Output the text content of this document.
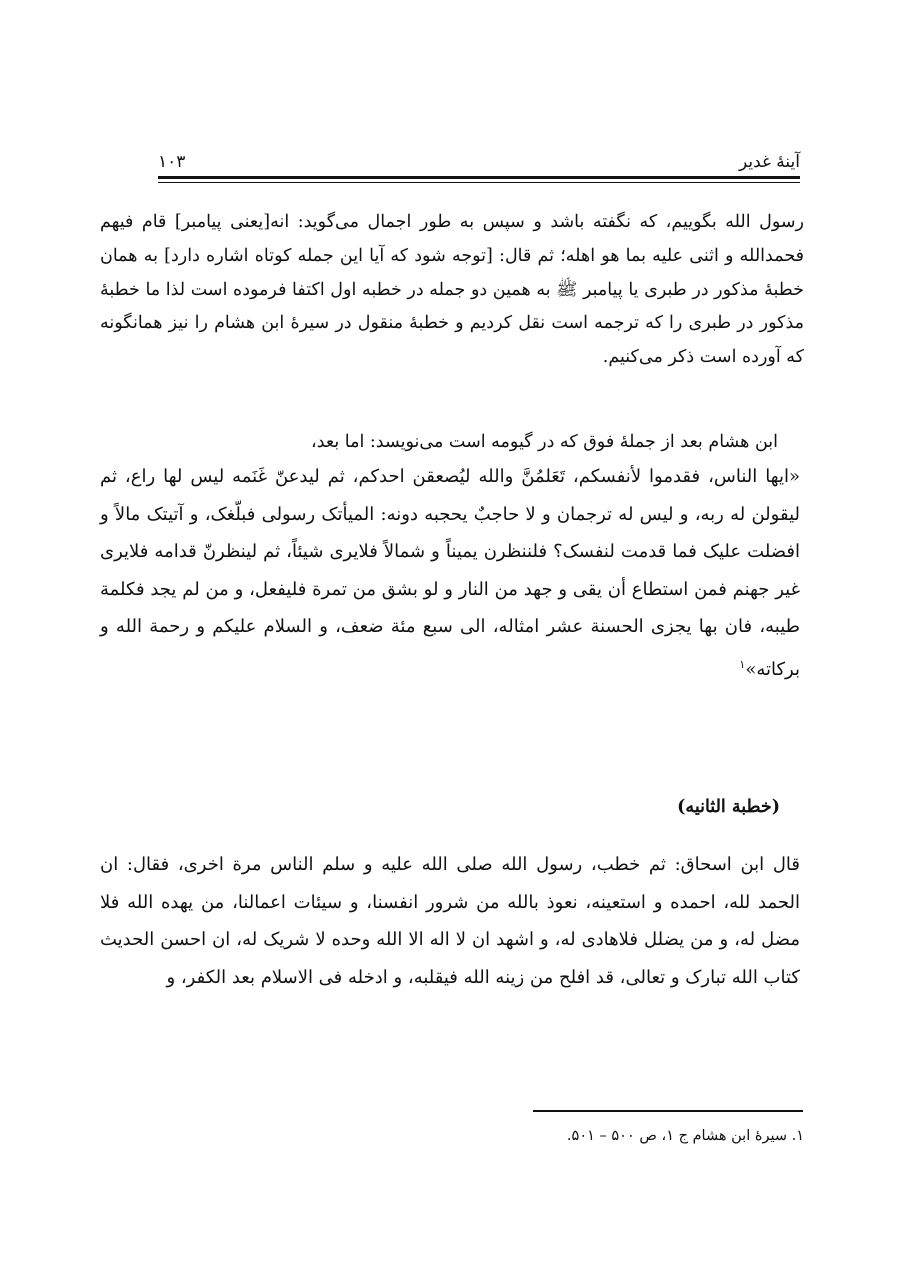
آینۀ غدیر
۱۰۳

رسول الله بگوییم، که نگفته باشد و سپس به طور اجمال می‌گوید: انه[یعنی پیامبر] قام فیهم فحمدالله و اثنی علیه بما هو اهله؛ ثم قال: [توجه شود که آیا این جمله کوتاه اشاره دارد] به همان خطبۀ مذکور در طبری یا پیامبر ﷺ به همین دو جمله در خطبه اول اکتفا فرموده است لذا ما خطبۀ مذکور در طبری را که ترجمه است نقل کردیم و خطبۀ منقول در سیرۀ ابن هشام را نیز همانگونه که آورده است ذکر می‌کنیم.

ابن هشام بعد از جملۀ فوق که در گیومه است می‌نویسد: اما بعد،

«ایها الناس، فقدموا لأنفسکم، تَعَلمُنَّ والله لیُصعقن احدکم، ثم لیدعنّ غَنَمه لیس لها راع، ثم لیقولن له ربه، و لیس له ترجمان و لا حاجبٌ یحجبه دونه: المیأتک رسولی فبلّغک، و آتیتک مالاً و افضلت علیک فما قدمت لنفسک؟ فلننظرن یمیناً و شمالاً فلایری شیئاً، ثم لینظرنّ قدامه فلایری غیر جهنم فمن استطاع أن یقی و جهد من النار و لو بشق من تمرة فلیفعل، و من لم یجد فکلمة طیبه، فان بها یجزی الحسنة عشر امثاله، الی سبع مئة ضعف، و السلام علیکم و رحمة الله و برکاته»$^۱$

(خطبة الثانیه)

قال ابن اسحاق: ثم خطب، رسول الله صلی الله علیه و سلم الناس مرة اخری، فقال: ان الحمد لله، احمده و استعینه، نعوذ بالله من شرور انفسنا، و سیئات اعمالنا، من یهده الله فلا مضل له، و من یضلل فلاهادی له، و اشهد ان لا اله الا الله وحده لا شریک له، ان احسن الحدیث کتاب الله تبارک و تعالی، قد افلح من زینه الله فیقلبه، و ادخله فی الاسلام بعد الکفر، و

۱. سیرۀ ابن هشام ج ۱، ص ۵۰۰ – ۵۰۱.
